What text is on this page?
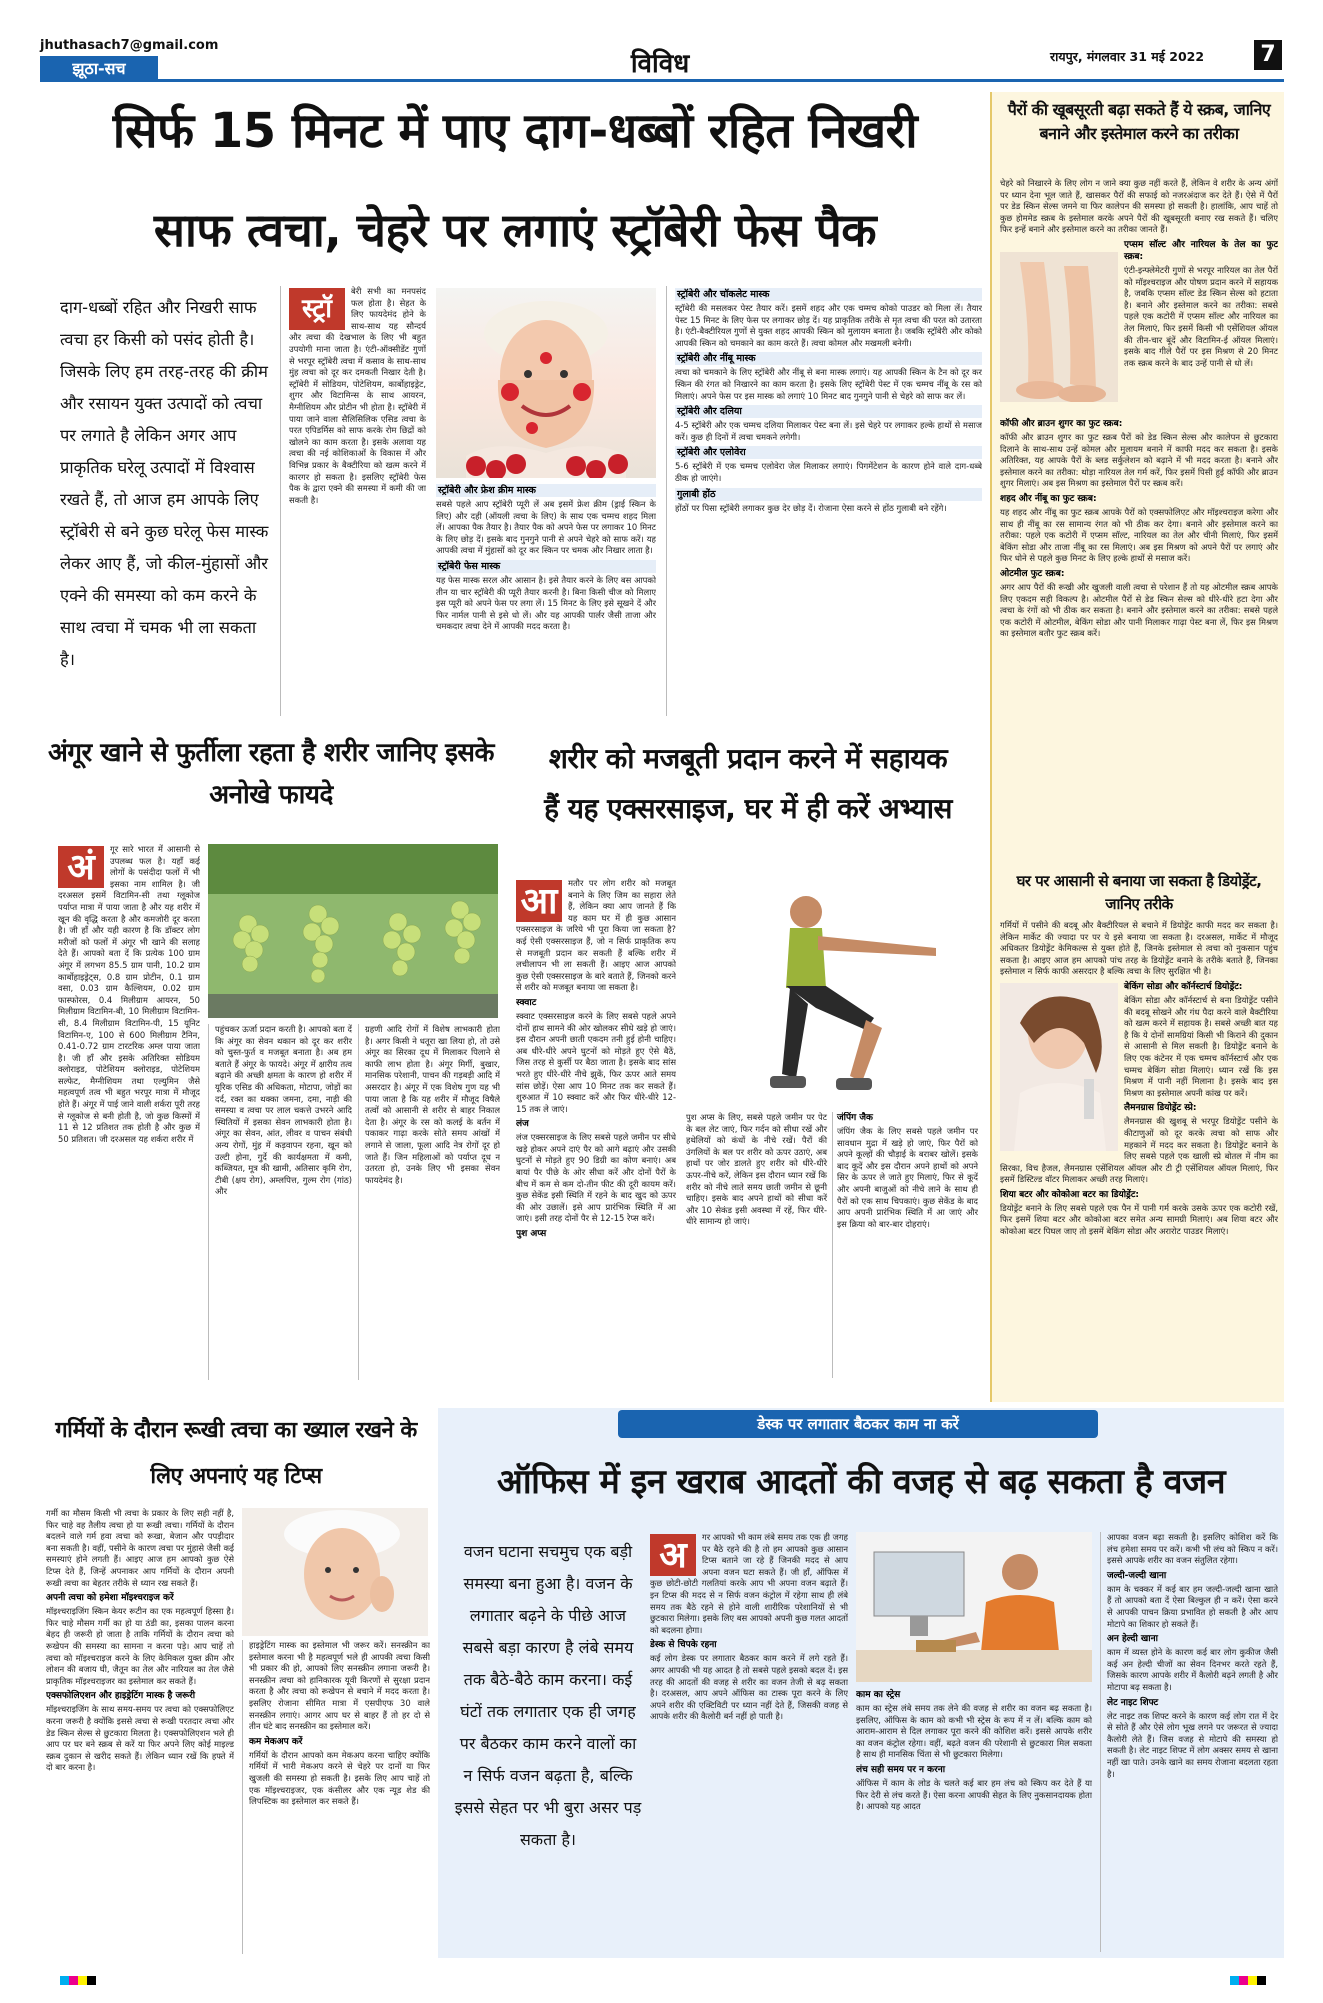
jhuthasach7@gmail.com
झूठा-सच	विविध	रायपुर, मंगलवार 31 मई 2022	7
सिर्फ 15 मिनट में पाए दाग-धब्बों रहित निखरी
साफ त्वचा, चेहरे पर लगाएं स्ट्रॉबेरी फेस पैक
दाग-धब्बों रहित और निखरी साफ त्वचा हर किसी को पसंद होती है। जिसके लिए हम तरह-तरह की क्रीम और रसायन युक्त उत्पादों को त्वचा पर लगाते है लेकिन अगर आप प्राकृतिक घरेलू उत्पादों में विश्वास रखते हैं, तो आज हम आपके लिए स्ट्रॉबेरी से बने कुछ घरेलू फेस मास्क लेकर आए हैं, जो कील-मुंहासों और एक्ने की समस्या को कम करने के साथ त्वचा में चमक भी ला सकता है।
स्ट्रॉ
बेरी सभी का मनपसंद फल होता है। सेहत के लिए फायदेमंद होने के साथ-साथ यह सौन्दर्य और त्वचा की देखभाल के लिए भी बहुत उपयोगी माना जाता है। एंटी-ऑक्सीडेंट गुणों से भरपूर स्ट्रॉबेरी त्वचा में कसाव के साथ-साथ मुंह त्वचा को दूर कर दमकती निखार देती है। स्ट्रॉबेरी में सोडियम, पोटेशियम, कार्बोहाइड्रेट, शुगर और विटामिन्स के साथ आयरन, मैग्नीशियम और प्रोटीन भी होता है। स्ट्रॉबेरी में पाया जाने वाला सैलिसिलिक एसिड त्वचा के परत एपिडर्मिस को साफ करके रोम छिद्रों को खोलने का काम करता है। इसके अलावा यह त्वचा की नई कोशिकाओं के विकास में और विभिन्न प्रकार के बैक्टीरिया को खत्म करने में कारगर हो सकता है। इसलिए स्ट्रॉबेरी फेस पैक के द्वारा एक्ने की समस्या में कमी की जा सकती है।
स्ट्रॉबेरी और फ्रेश क्रीम मास्क

सबसे पहले आप स्ट्रॉबेरी प्यूरी लें अब इसमें फ्रेश क्रीम (ड्राई स्किन के लिए) और दही (ऑयली त्वचा के लिए) के साथ एक चम्मच शहद मिला लें। आपका पैक तैयार है। तैयार पैक को अपने फेस पर लगाकर 10 मिनट के लिए छोड़ दें। इसके बाद गुनगुने पानी से अपने चेहरे को साफ करें। यह आपकी त्वचा में मुंहासों को दूर कर स्किन पर चमक और निखार लाता है।

स्ट्रॉबेरी फेस मास्क

यह फेस मास्क सरल और आसान है। इसे तैयार करने के लिए बस आपको तीन या चार स्ट्रॉबेरी की प्यूरी तैयार करनी है। बिना किसी चीज को मिलाए इस प्यूरी को अपने फेस पर लगा लें। 15 मिनट के लिए इसे सूखने दें और फिर नार्मल पानी से इसे धो लें। और यह आपकी पार्लर जैसी ताजा और चमकदार त्वचा देने में आपकी मदद करता है।

स्ट्रॉबेरी और चॉकलेट मास्क

स्ट्रॉबेरी की मसलकर पेस्ट तैयार करें। इसमें शहद और एक चम्मच कोको पाउडर को मिला लें। तैयार पेस्ट 15 मिनट के लिए फेस पर लगाकर छोड़ दें। यह प्राकृतिक तरीके से मृत त्वचा की परत को उतारता है। एंटी-बैक्टीरियल गुणों से युक्त शहद आपकी स्किन को मुलायम बनाता है। जबकि स्ट्रॉबेरी और कोको आपकी स्किन को चमकाने का काम करते हैं। त्वचा कोमल और मखमली बनेगी।

स्ट्रॉबेरी और नींबू मास्क

त्वचा को चमकाने के लिए स्ट्रॉबेरी और नींबू से बना मास्क लगाएं। यह आपकी स्किन के टैन को दूर कर स्किन की रंगत को निखारने का काम करता है। इसके लिए स्ट्रॉबेरी पेस्ट में एक चम्मच नींबू के रस को मिलाएं। अपने फेस पर इस मास्क को लगाएं 10 मिनट बाद गुनगुने पानी से चेहरे को साफ कर लें।

स्ट्रॉबेरी और दलिया

4-5 स्ट्रॉबेरी और एक चम्मच दलिया मिलाकर पेस्ट बना लें। इसे चेहरे पर लगाकर हल्के हाथों से मसाज करें। कुछ ही दिनों में त्वचा चमकने लगेगी।

स्ट्रॉबेरी और एलोवेरा

5-6 स्ट्रॉबेरी में एक चम्मच एलोवेरा जेल मिलाकर लगाएं। पिगमेंटेशन के कारण होने वाले दाग-धब्बे ठीक हो जाएंगे।

गुलाबी होंठ

होंठों पर पिसा स्ट्रॉबेरी लगाकर कुछ देर छोड़ दें। रोजाना ऐसा करने से होंठ गुलाबी बने रहेंगे।

पैरों की खूबसूरती बढ़ा सकते हैं ये स्क्रब, जानिए बनाने और इस्तेमाल करने का तरीका

चेहरे को निखारने के लिए लोग न जाने क्या कुछ नहीं करते हैं, लेकिन वे शरीर के अन्य अंगों पर ध्यान देना भूल जाते हैं, खासकर पैरों की सफाई को नजरअंदाज कर देते हैं। ऐसे में पैरों पर डेड स्किन सेल्स जमने या फिर कालेपन की समस्या हो सकती है। हालांकि, आप चाहें तो कुछ होममेड स्क्रब के इस्तेमाल करके अपने पैरों की खूबसूरती बनाए रख सकते हैं। चलिए फिर इन्हें बनाने और इस्तेमाल करने का तरीका जानते हैं।

एप्सम सॉल्ट और नारियल के तेल का फुट स्क्रब:

एंटी-इन्फ्लेमेटरी गुणों से भरपूर नारियल का तेल पैरों को मॉइश्चराइज और पोषण प्रदान करने में सहायक है, जबकि एप्सम सॉल्ट डेड स्किन सेल्स को हटाता है। बनाने और इस्तेमाल करने का तरीका: सबसे पहले एक कटोरी में एप्सम सॉल्ट और नारियल का तेल मिलाएं, फिर इसमें किसी भी एसेंशियल ऑयल की तीन-चार बूंदें और विटामिन-ई ऑयल मिलाएं। इसके बाद गीले पैरों पर इस मिश्रण से 20 मिनट तक स्क्रब करने के बाद उन्हें पानी से धो लें।

कॉफी और ब्राउन शुगर का फुट स्क्रब:

कॉफी और ब्राउन शुगर का फुट स्क्रब पैरों को डेड स्किन सेल्स और कालेपन से छुटकारा दिलाने के साथ-साथ उन्हें कोमल और मुलायम बनाने में काफी मदद कर सकता है। इसके अतिरिक्त, यह आपके पैरों के ब्लड सर्कुलेशन को बढ़ाने में भी मदद करता है। बनाने और इस्तेमाल करने का तरीका: थोड़ा नारियल तेल गर्म करें, फिर इसमें पिसी हुई कॉफी और ब्राउन शुगर मिलाएं। अब इस मिश्रण का इस्तेमाल पैरों पर स्क्रब करें।

शहद और नींबू का फुट स्क्रब:

यह शहद और नींबू का फुट स्क्रब आपके पैरों को एक्सफोलिएट और मॉइश्चराइज करेगा और साथ ही नींबू का रस सामान्य रंगत को भी ठीक कर देगा। बनाने और इस्तेमाल करने का तरीका: पहले एक कटोरी में एप्सम सॉल्ट, नारियल का तेल और चीनी मिलाएं, फिर इसमें बेकिंग सोडा और ताजा नींबू का रस मिलाएं। अब इस मिश्रण को अपने पैरों पर लगाएं और फिर धोने से पहले कुछ मिनट के लिए हल्के हाथों से मसाज करें।

ओटमील फुट स्क्रब:

अगर आप पैरों की रूखी और खुजली वाली त्वचा से परेशान हैं तो यह ओटमील स्क्रब आपके लिए एकदम सही विकल्प है। ओटमील पैरों से डेड स्किन सेल्स को धीरे-धीरे हटा देगा और त्वचा के रंगों को भी ठीक कर सकता है। बनाने और इस्तेमाल करने का तरीका: सबसे पहले एक कटोरी में ओटमील, बेकिंग सोडा और पानी मिलाकर गाढ़ा पेस्ट बना लें, फिर इस मिश्रण का इस्तेमाल बतौर फुट स्क्रब करें।

घर पर आसानी से बनाया जा सकता है डियोड्रेंट, जानिए तरीके

गर्मियों में पसीने की बदबू और बैक्टीरियल से बचाने में डियोड्रेंट काफी मदद कर सकता है। लेकिन मार्केट की ज्यादा पर पर ये इसे बनाया जा सकता है। दरअसल, मार्केट में मौजूद अधिकतर डियोड्रेंट केमिकल्स से युक्त होते हैं, जिनके इस्तेमाल से त्वचा को नुकसान पहुंच सकता है। आइए आज हम आपको पांच तरह के डियोड्रेंट बनाने के तरीके बताते हैं, जिनका इस्तेमाल न सिर्फ काफी असरदार है बल्कि त्वचा के लिए सुरक्षित भी है।

बेकिंग सोडा और कॉर्नस्टार्च डियोड्रेंट:

बेकिंग सोडा और कॉर्नस्टार्च से बना डियोड्रेंट पसीने की बदबू सोखने और गंध पैदा करने वाले बैक्टीरिया को खत्म करने में सहायक है। सबसे अच्छी बात यह है कि ये दोनों सामग्रियां किसी भी किराने की दुकान से आसानी से मिल सकती है। डियोड्रेंट बनाने के लिए एक कंटेनर में एक चम्मच कॉर्नस्टार्च और एक चम्मच बेकिंग सोडा मिलाएं। ध्यान रखें कि इस मिश्रण में पानी नहीं मिलाना है। इसके बाद इस मिश्रण का इस्तेमाल अपनी कांख पर करें।

लैमनग्रास डियोड्रेंट स्प्रे:

लैमनग्रास की खुशबू से भरपूर डियोड्रेंट पसीने के कीटाणुओं को दूर करके त्वचा को साफ और महकाने में मदद कर सकता है। डियोड्रेंट बनाने के लिए सबसे पहले एक खाली स्प्रे बोतल में नीम का सिरका, विच हैजल, लैमनग्रास एसेंशियल ऑयल और टी ट्री एसेंशियल ऑयल मिलाएं, फिर इसमें डिस्टिल्ड वॉटर मिलाकर अच्छी तरह मिलाएं।

शिया बटर और कोकोआ बटर का डियोड्रेंट:

डियोड्रेंट बनाने के लिए सबसे पहले एक पैन में पानी गर्म करके उसके ऊपर एक कटोरी रखें, फिर इसमें शिया बटर और कोकोआ बटर समेत अन्य सामग्री मिलाएं। अब शिया बटर और कोकोआ बटर पिघल जाए तो इसमें बेकिंग सोडा और अरारोट पाउडर मिलाएं।

अंगूर खाने से फुर्तीला रहता है शरीर जानिए इसके अनोखे फायदे
अं	गूर सारे भारत में आसानी से उपलब्ध फल है। यहाँ कई लोगों के पसंदीदा फलों में भी इसका नाम शामिल है। जी दरअसल इसमें विटामिन-सी तथा ग्लूकोज पर्याप्त मात्रा में पाया जाता है और यह शरीर में खून की वृद्धि करता है और कमजोरी दूर करता है। जी हाँ और यही कारण है कि डॉक्टर लोग मरीजों को फलों में अंगूर भी खाने की सलाह देते हैं। आपको बता दें कि प्रत्येक 100 ग्राम अंगूर में लगभग 85.5 ग्राम पानी, 10.2 ग्राम कार्बोहाइड्रेट्स, 0.8 ग्राम प्रोटीन, 0.1 ग्राम वसा, 0.03 ग्राम कैल्शियम, 0.02 ग्राम फास्फोरस, 0.4 मिलीग्राम आयरन, 50 मिलीग्राम विटामिन-बी, 10 मिलीग्राम विटामिन-सी, 8.4 मिलीग्राम विटामिन-पी, 15 यूनिट विटामिन-ए, 100 से 600 मिलीग्राम टैनिन, 0.41-0.72 ग्राम टारटरिक अम्ल पाया जाता है। जी हाँ और इसके अतिरिक्त सोडियम क्लोराइड, पोटेशियम क्लोराइड, पोटेशियम सल्फेट, मैग्नीशियम तथा एल्युमिन जैसे महत्वपूर्ण तत्व भी बहुत भरपूर मात्रा में मौजूद होते हैं। अंगूर में पाई जाने वाली शर्करा पूरी तरह से ग्लूकोज से बनी होती है, जो कुछ किस्मों में 11 से 12 प्रतिशत तक होती है और कुछ में 50 प्रतिशत। जी दरअसल यह शर्करा शरीर में
पहुंचकर ऊर्जा प्रदान करती है। आपको बता दें कि अंगूर का सेवन थकान को दूर कर शरीर को चुस्त-फुर्त व मजबूत बनाता है। अब हम बताते हैं अंगूर के फायदे। अंगूर में क्षारीय तत्व बढ़ाने की अच्छी क्षमता के कारण हो शरीर में यूरिक एसिड की अधिकता, मोटापा, जोड़ों का दर्द, रक्त का थक्का जमना, दमा, नाड़ी की समस्या व त्वचा पर लाल चकत्ते उभरने आदि स्थितियों में इसका सेवन लाभकारी होता है। अंगूर का सेवन, आंत, लीवर व पाचन संबंधी अन्य रोगों, मुंह में कड़वापन रहना, खून को उल्टी होना, गुर्दे की कार्यक्षमता में कमी, कब्जियत, मूत्र की खामी, अतिसार कृमि रोग, टीबी (क्षय रोग), अम्लपित्त, गुल्म रोग (गांठ) और
ग्रहणी आदि रोगों में विशेष लाभकारी होता है। अगर किसी ने धतूरा खा लिया हो, तो उसे अंगूर का सिरका दूध में मिलाकर पिलाने से काफी लाभ होता है। अंगूर मिर्गी, बुखार, मानसिक परेशानी, पाचन की गड़बड़ी आदि में असरदार है। अंगूर में एक विशेष गुण यह भी पाया जाता है कि यह शरीर में मौजूद विषैले तत्वों को आसानी से शरीर से बाहर निकाल देता है। अंगूर के रस को कलई के बर्तन में पकाकर गाढ़ा करके सोते समय आंखों में लगाने से जाला, फूला आदि नेत्र रोगों दूर हो जाते हैं। जिन महिलाओं को पर्याप्त दूध न उतरता हो, उनके लिए भी इसका सेवन फायदेमंद है।
शरीर को मजबूती प्रदान करने में सहायक
हैं यह एक्सरसाइज, घर में ही करें अभ्यास
आ	मतौर पर लोग शरीर को मजबूत बनाने के लिए जिम का सहारा लेते हैं, लेकिन क्या आप जानते हैं कि यह काम घर में ही कुछ आसान एक्सरसाइज के जरिये भी पूरा किया जा सकता है? कई ऐसी एक्सरसाइज हैं, जो न सिर्फ प्राकृतिक रूप से मजबूती प्रदान कर सकती हैं बल्कि शरीर में लचीलापन भी ला सकती हैं। आइए आज आपको कुछ ऐसी एक्सरसाइज के बारे बताते हैं, जिनको करने से शरीर को मजबूत बनाया जा सकता है।
स्क्वाट

स्क्वाट एक्सरसाइज करने के लिए सबसे पहले अपने दोनों हाथ सामने की ओर खोलकर सीधे खड़े हो जाएं। इस दौरान अपनी छाती एकदम तनी हुई होनी चाहिए। अब धीरे-धीरे अपने घुटनों को मोड़ते हुए ऐसे बैठें, जिस तरह से कुर्सी पर बैठा जाता है। इसके बाद सांस भरते हुए धीरे-धीरे नीचे झुकें, फिर ऊपर आते समय सांस छोड़ें। ऐसा आप 10 मिनट तक कर सकते हैं। शुरुआत में 10 स्क्वाट करें और फिर धीरे-धीरे 12-15 तक ले जाएं।

लंज

लंज एक्सरसाइज के लिए सबसे पहले जमीन पर सीधे खड़े होकर अपने दाएं पैर को आगे बढ़ाएं और उसकी घुटनों से मोड़ते हुए 90 डिग्री का कोण बनाएं। अब बायां पैर पीछे के ओर सीधा करें और दोनों पैरों के बीच में कम से कम दो-तीन फीट की दूरी कायम करें। कुछ सेकेंड इसी स्थिति में रहने के बाद खुद को ऊपर की ओर उछालें। इसे आप प्रारंभिक स्थिति में आ जाएं। इसी तरह दोनों पैर से 12-15 रेप्स करें।

पुश अप्स

पुश अप्स के लिए, सबसे पहले जमीन पर पेट के बल लेट जाएं, फिर गर्दन को सीधा रखें और हथेलियों को कंधों के नीचे रखें। पैरों की उंगलियों के बल पर शरीर को ऊपर उठाएं, अब हाथों पर जोर डालते हुए शरीर को धीरे-धीरे ऊपर-नीचे करें, लेकिन इस दौरान ध्यान रखें कि शरीर को नीचे लाते समय छाती जमीन से छूनी चाहिए। इसके बाद अपने हाथों को सीधा करें और 10 सेकंड इसी अवस्था में रहें, फिर धीरे-धीरे सामान्य हो जाएं।

जंपिंग जैक

जंपिंग जैक के लिए सबसे पहले जमीन पर सावधान मुद्रा में खड़े हो जाएं, फिर पैरों को अपने कूल्हों की चौड़ाई के बराबर खोलें। इसके बाद कूदें और इस दौरान अपने हाथों को अपने सिर के ऊपर ले जाते हुए मिलाएं, फिर से कूदें और अपनी बाजुओं को नीचे लाने के साथ ही पैरों को एक साथ चिपकाएं। कुछ सेकेंड के बाद आप अपनी प्रारंभिक स्थिति में आ जाएं और इस क्रिया को बार-बार दोहराएं।

गर्मियों के दौरान रूखी त्वचा का ख्याल रखने के लिए अपनाएं यह टिप्स

गर्मी का मौसम किसी भी त्वचा के प्रकार के लिए सही नहीं है, फिर चाहे वह तैलीय त्वचा हो या रूखी त्वचा। गर्मियों के दौरान बदलने वाले गर्म हवा त्वचा को रूखा, बेजान और पपड़ीदार बना सकती है। वहीं, पसीने के कारण त्वचा पर मुंहासे जैसी कई समस्याएं होने लगती हैं। आइए आज हम आपको कुछ ऐसे टिप्स देते हैं, जिन्हें अपनाकर आप गर्मियों के दौरान अपनी रूखी त्वचा का बेहतर तरीके से ध्यान रख सकते हैं।

अपनी त्वचा को हमेशा मॉइश्चराइज करें

मॉइश्चराइजिंग स्किन केयर रूटीन का एक महत्वपूर्ण हिस्सा है। फिर चाहे मौसम गर्मी का हो या ठंडी का, इसका पालन करना बेहद ही जरूरी हो जाता है ताकि गर्मियों के दौरान त्वचा को रूखेपन की समस्या का सामना न करना पड़े। आप चाहें तो त्वचा को मॉइश्चराइज करने के लिए केमिकल युक्त क्रीम और लोशन की बजाय घी, जैतून का तेल और नारियल का तेल जैसे प्राकृतिक मॉइश्चराइजर का इस्तेमाल कर सकते हैं।

एक्सफोलिएशन और हाइड्रेटिंग मास्क है जरूरी

मॉइश्चराइजिंग के साथ समय-समय पर त्वचा को एक्सफोलिएट करना जरूरी है क्योंकि इससे त्वचा से रूखी परतदार त्वचा और डेड स्किन सेल्स से छुटकारा मिलता है। एक्सफोलिएशन भले ही आप पर घर बने स्क्रब से करें या फिर अपने लिए कोई माइल्ड स्क्रब दुकान से खरीद सकते हैं। लेकिन ध्यान रखें कि हफ्ते में दो बार करना है।

हाइड्रेटिंग मास्क का इस्तेमाल भी जरूर करें। सनस्क्रीन का इस्तेमाल करना भी है महत्वपूर्ण भले ही आपकी त्वचा किसी भी प्रकार की हो, आपको लिए सनस्क्रीन लगाना जरूरी है। सनस्क्रीन त्वचा को हानिकारक यूवी किरणों से सुरक्षा प्रदान करता है और त्वचा को रूखेपन से बचाने में मदद करता है। इसलिए रोजाना सीमित मात्रा में एसपीएफ 30 वाले सनस्क्रीन लगाएं। आगर आप घर से बाहर हैं तो हर दो से तीन घंटे बाद सनस्क्रीन का इस्तेमाल करें।

कम मेकअप करें

गर्मियों के दौरान आपको कम मेकअप करना चाहिए क्योंकि गर्मियों में भारी मेकअप करने से चेहरे पर दानों या फिर खुजली की समस्या हो सकती है। इसके लिए आप चाहें तो एक मॉइश्चराइजर, एक कंसीलर और एक न्यूड शेड की लिपस्टिक का इस्तेमाल कर सकते हैं।

डेस्क पर लगातार बैठकर काम ना करें
ऑफिस में इन खराब आदतों की वजह से बढ़ सकता है वजन
वजन घटाना सचमुच एक बड़ी समस्या बना हुआ है। वजन के लगातार बढ़ने के पीछे आज सबसे बड़ा कारण है लंबे समय तक बैठे-बैठे काम करना। कई घंटों तक लगातार एक ही जगह पर बैठकर काम करने वालों का न सिर्फ वजन बढ़ता है, बल्कि इससे सेहत पर भी बुरा असर पड़ सकता है।
अ	गर आपको भी काम लंबे समय तक एक ही जगह पर बैठे रहने की है तो हम आपको कुछ आसान टिप्स बताने जा रहे हैं जिनकी मदद से आप अपना वजन घटा सकते हैं। जी हाँ, ऑफिस में कुछ छोटी-छोटी गलतियां करके आप भी अपना वजन बढ़ाते हैं। इन टिप्स की मदद से न सिर्फ वजन कंट्रोल में रहेगा साथ ही लंबे समय तक बैठे रहने से होने वाली शारीरिक परेशानियों से भी छुटकारा मिलेगा। इसके लिए बस आपको अपनी कुछ गलत आदतों को बदलना होगा।
डेस्क से चिपके रहना

कई लोग डेस्क पर लगातार बैठकर काम करने में लगे रहते हैं। अगर आपकी भी यह आदत है तो सबसे पहले इसको बदल दें। इस तरह की आदतों की वजह से शरीर का वजन तेजी से बढ़ सकता है। दरअसल, आप अपने ऑफिस का टास्क पूरा करने के लिए अपने शरीर की एक्टिविटी पर ध्यान नहीं देते हैं, जिसकी वजह से आपके शरीर की कैलोरी बर्न नहीं हो पाती है।

काम का स्ट्रेस

काम का स्ट्रेस लंबे समय तक लेने की वजह से शरीर का वजन बढ़ सकता है। इसलिए, ऑफिस के काम को कभी भी स्ट्रेस के रूप में न लें। बल्कि काम को आराम-आराम से दिल लगाकर पूरा करने की कोशिश करें। इससे आपके शरीर का वजन कंट्रोल रहेगा। वहीं, बढ़ते वजन की परेशानी से छुटकारा मिल सकता है साथ ही मानसिक चिंता से भी छुटकारा मिलेगा।

लंच सही समय पर न करना

ऑफिस में काम के लोड के चलते कई बार हम लंच को स्किप कर देते हैं या फिर देरी से लंच करते हैं। ऐसा करना आपकी सेहत के लिए नुकसानदायक होता है। आपको यह आदत

आपका वजन बढ़ा सकती है। इसलिए कोशिश करें कि लंच हमेशा समय पर करें। कभी भी लंच को स्किप न करें। इससे आपके शरीर का वजन संतुलित रहेगा।

जल्दी-जल्दी खाना

काम के चक्कर में कई बार हम जल्दी-जल्दी खाना खाते हैं तो आपको बता दें ऐसा बिल्कुल ही न करें। ऐसा करने से आपकी पाचन क्रिया प्रभावित हो सकती है और आप मोटापे का शिकार हो सकते हैं।

अन हेल्दी खाना

काम में व्यस्त होने के कारण कई बार लोग कुकीज जैसी कई अन हेल्दी चीजों का सेवन दिनभर करते रहते हैं, जिसके कारण आपके शरीर में कैलोरी बढ़ने लगती है और मोटापा बढ़ सकता है।

लेट नाइट शिफ्ट

लेट नाइट तक शिफ्ट करने के कारण कई लोग रात में देर से सोते हैं और ऐसे लोग भूख लगने पर जरूरत से ज्यादा कैलोरी लेते हैं। जिस वजह से मोटापे की समस्या हो सकती है। लेट नाइट शिफ्ट में लोग अक्सर समय से खाना नहीं खा पाते। उनके खाने का समय रोजाना बदलता रहता है।
